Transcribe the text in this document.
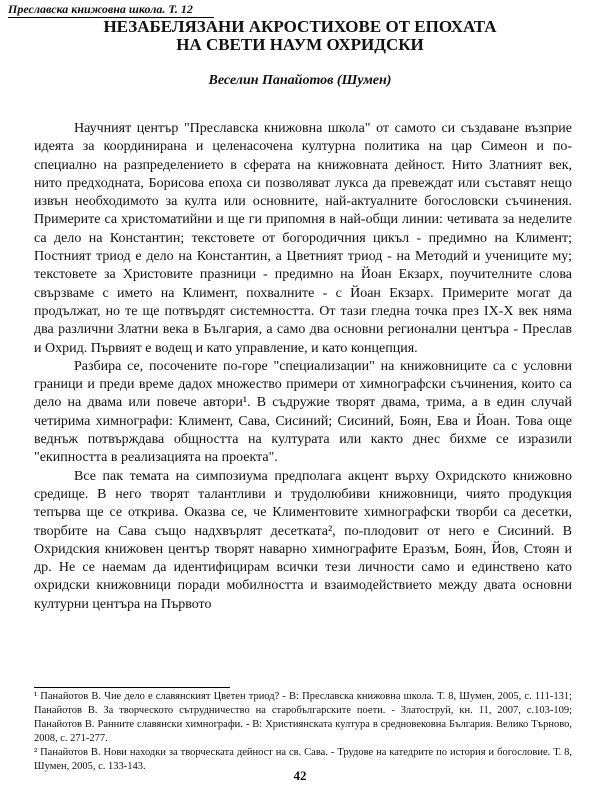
Преславска книжовна школа. Т. 12
НЕЗАБЕЛЯЗАНИ АКРОСТИХОВЕ ОТ ЕПОХАТА
НА СВЕТИ НАУМ ОХРИДСКИ
Веселин Панайотов (Шумен)

Научният център "Преславска книжовна школа" от самото си създаване възприе идеята за координирана и целенасочена културна политика на цар Симеон и по-специално на разпределението в сферата на книжовната дейност. Нито Златният век, нито предходната, Борисова епоха си позволяват лукса да превеждат или съставят нещо извън необходимото за култа или основните, най-актуалните богословски съчинения. Примерите са христоматийни и ще ги припомня в най-общи линии: четивата за неделите са дело на Константин; текстовете от богородичния цикъл - предимно на Климент; Постният триод е дело на Константин, а Цветният триод - на Методий и учениците му; текстовете за Христовите празници - предимно на Йоан Екзарх, поучителните слова свързваме с името на Климент, похвалните - с Йоан Екзарх. Примерите могат да продължат, но те ще потвърдят системността. От тази гледна точка през IX-X век няма два различни Златни века в България, а само два основни регионални центъра - Преслав и Охрид. Първият е водещ и като управление, и като концепция.

Разбира се, посочените по-горе "специализации" на книжовниците са с условни граници и преди време дадох множество примери от химнографски съчинения, които са дело на двама или повече автори¹. В съдружие творят двама, трима, а в един случай четирима химнографи: Климент, Сава, Сисиний; Сисиний, Боян, Ева и Йоан. Това още веднъж потвърждава общността на културата или както днес бихме се изразили "екипността в реализацията на проекта".

Все пак темата на симпозиума предполага акцент върху Охридското книжовно средище. В него творят талантливи и трудолюбиви книжовници, чиято продукция тепърва ще се открива. Оказва се, че Климентовите химнографски творби са десетки, творбите на Сава също надхвърлят десетката², по-плодовит от него е Сисиний. В Охридския книжовен център творят наварно химнографите Еразъм, Боян, Йов, Стоян и др. Не се наемам да идентифицирам всички тези личности само и единствено като охридски книжовници поради мобилността и взаимодействието между двата основни културни центъра на Първото

¹ Панайотов В. Чие дело е славянският Цветен триод? - В: Преславска книжовна школа. Т. 8, Шумен, 2005, с. 111-131; Панайотов В. За творческото сътрудничество на старобългарските поети. - Златоструй, кн. 11, 2007, с.103-109; Панайотов В. Ранните славянски химнографи. - В: Християнската култура в средновековна България. Велико Търново, 2008, с. 271-277.

² Панайотов В. Нови находки за творческата дейност на св. Сава. - Трудове на катедрите по история и богословие. Т. 8, Шумен, 2005, с. 133-143.

42
